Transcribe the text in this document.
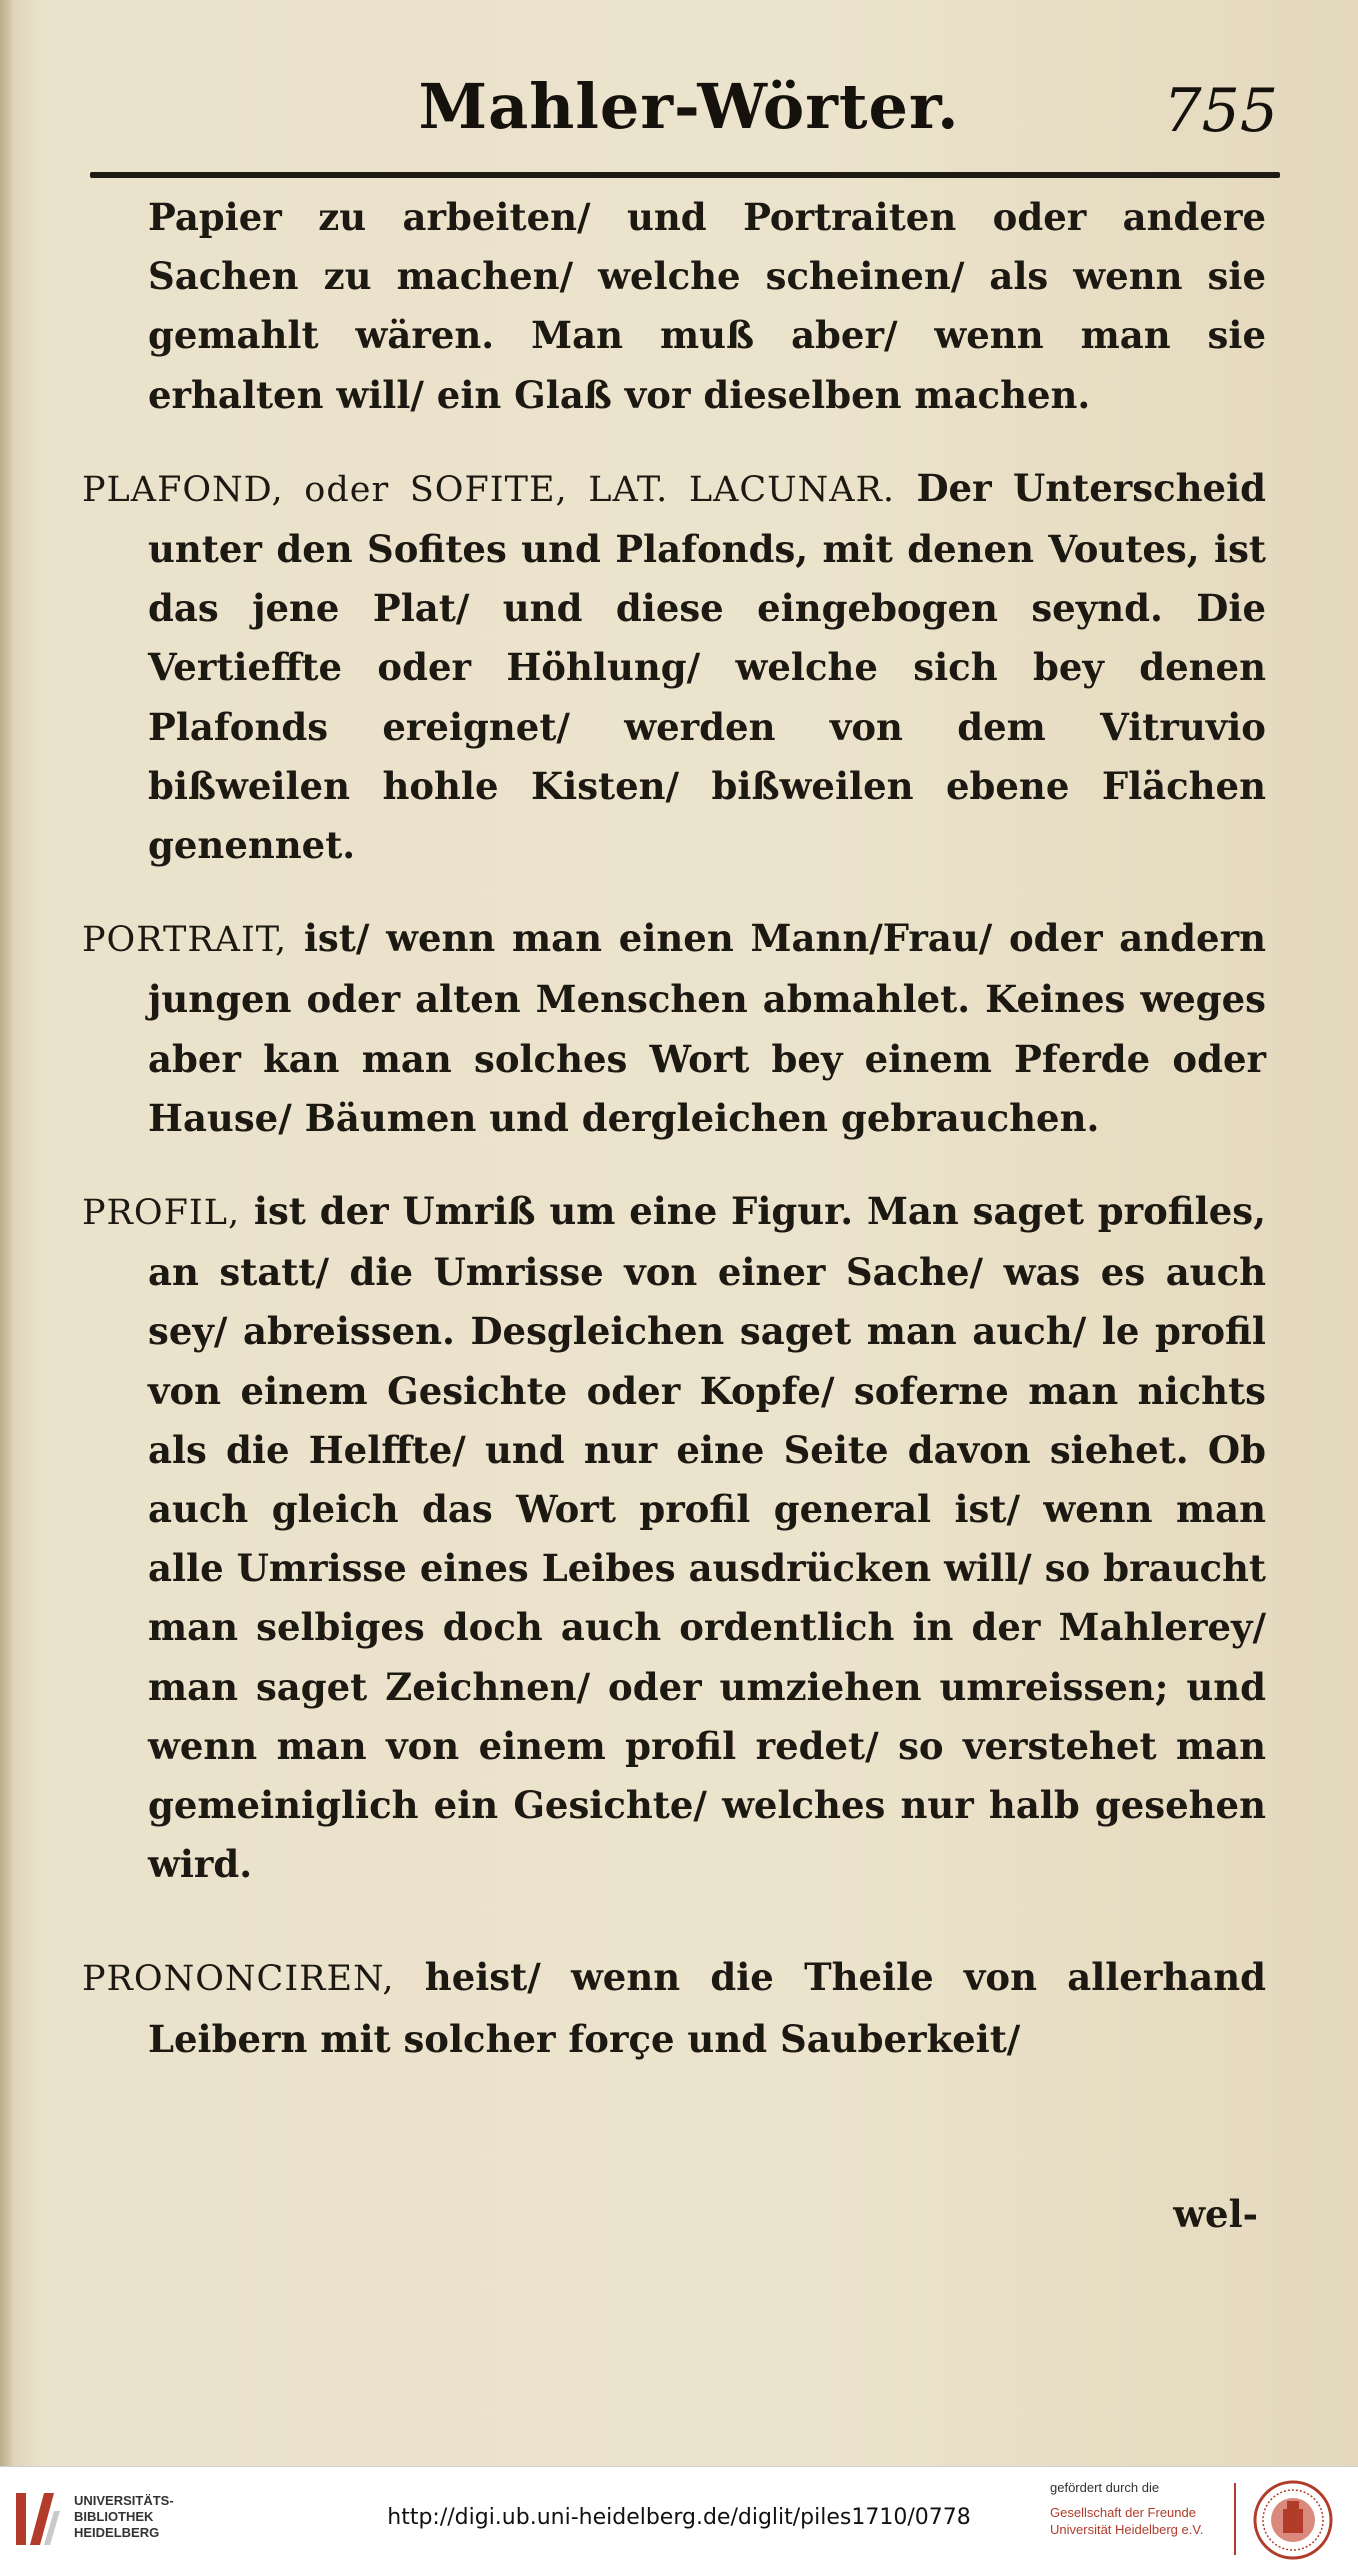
Mahler-Wörter.	755

Papier zu arbeiten/ und Portraiten oder andere Sachen zu machen/ welche scheinen/ als wenn sie gemahlt wären. Man muß aber/ wenn man sie erhalten will/ ein Glaß vor dieselben machen.

PLAFOND, oder SOFITE, LAT. LACUNAR. Der Unterscheid unter den Sofites und Plafonds, mit denen Voutes, ist das jene Plat/ und diese eingebogen seynd. Die Vertieffte oder Höhlung/ welche sich bey denen Plafonds ereignet/ werden von dem Vitruvio bißweilen hohle Kisten/ bißweilen ebene Flächen genennet.

PORTRAIT, ist/ wenn man einen Mann/Frau/ oder andern jungen oder alten Menschen abmahlet. Keines weges aber kan man solches Wort bey einem Pferde oder Hause/ Bäumen und dergleichen gebrauchen.

PROFIL, ist der Umriß um eine Figur. Man saget profiles, an statt/ die Umrisse von einer Sache/ was es auch sey/ abreissen. Desgleichen saget man auch/ le profil von einem Gesichte oder Kopfe/ soferne man nichts als die Helffte/ und nur eine Seite davon siehet. Ob auch gleich das Wort profil general ist/ wenn man alle Umrisse eines Leibes ausdrücken will/ so braucht man selbiges doch auch ordentlich in der Mahlerey/ man saget Zeichnen/ oder umziehen umreissen; und wenn man von einem profil redet/ so verstehet man gemeiniglich ein Gesichte/ welches nur halb gesehen wird.

PRONONCIREN, heist/ wenn die Theile von allerhand Leibern mit solcher forçe und Sauberkeit/

wel-
UNIVERSITÄTS-
BIBLIOTHEK
HEIDELBERG
http://digi.ub.uni-heidelberg.de/diglit/piles1710/0778
gefördert durch die
Gesellschaft der Freunde
Universität Heidelberg e.V.
